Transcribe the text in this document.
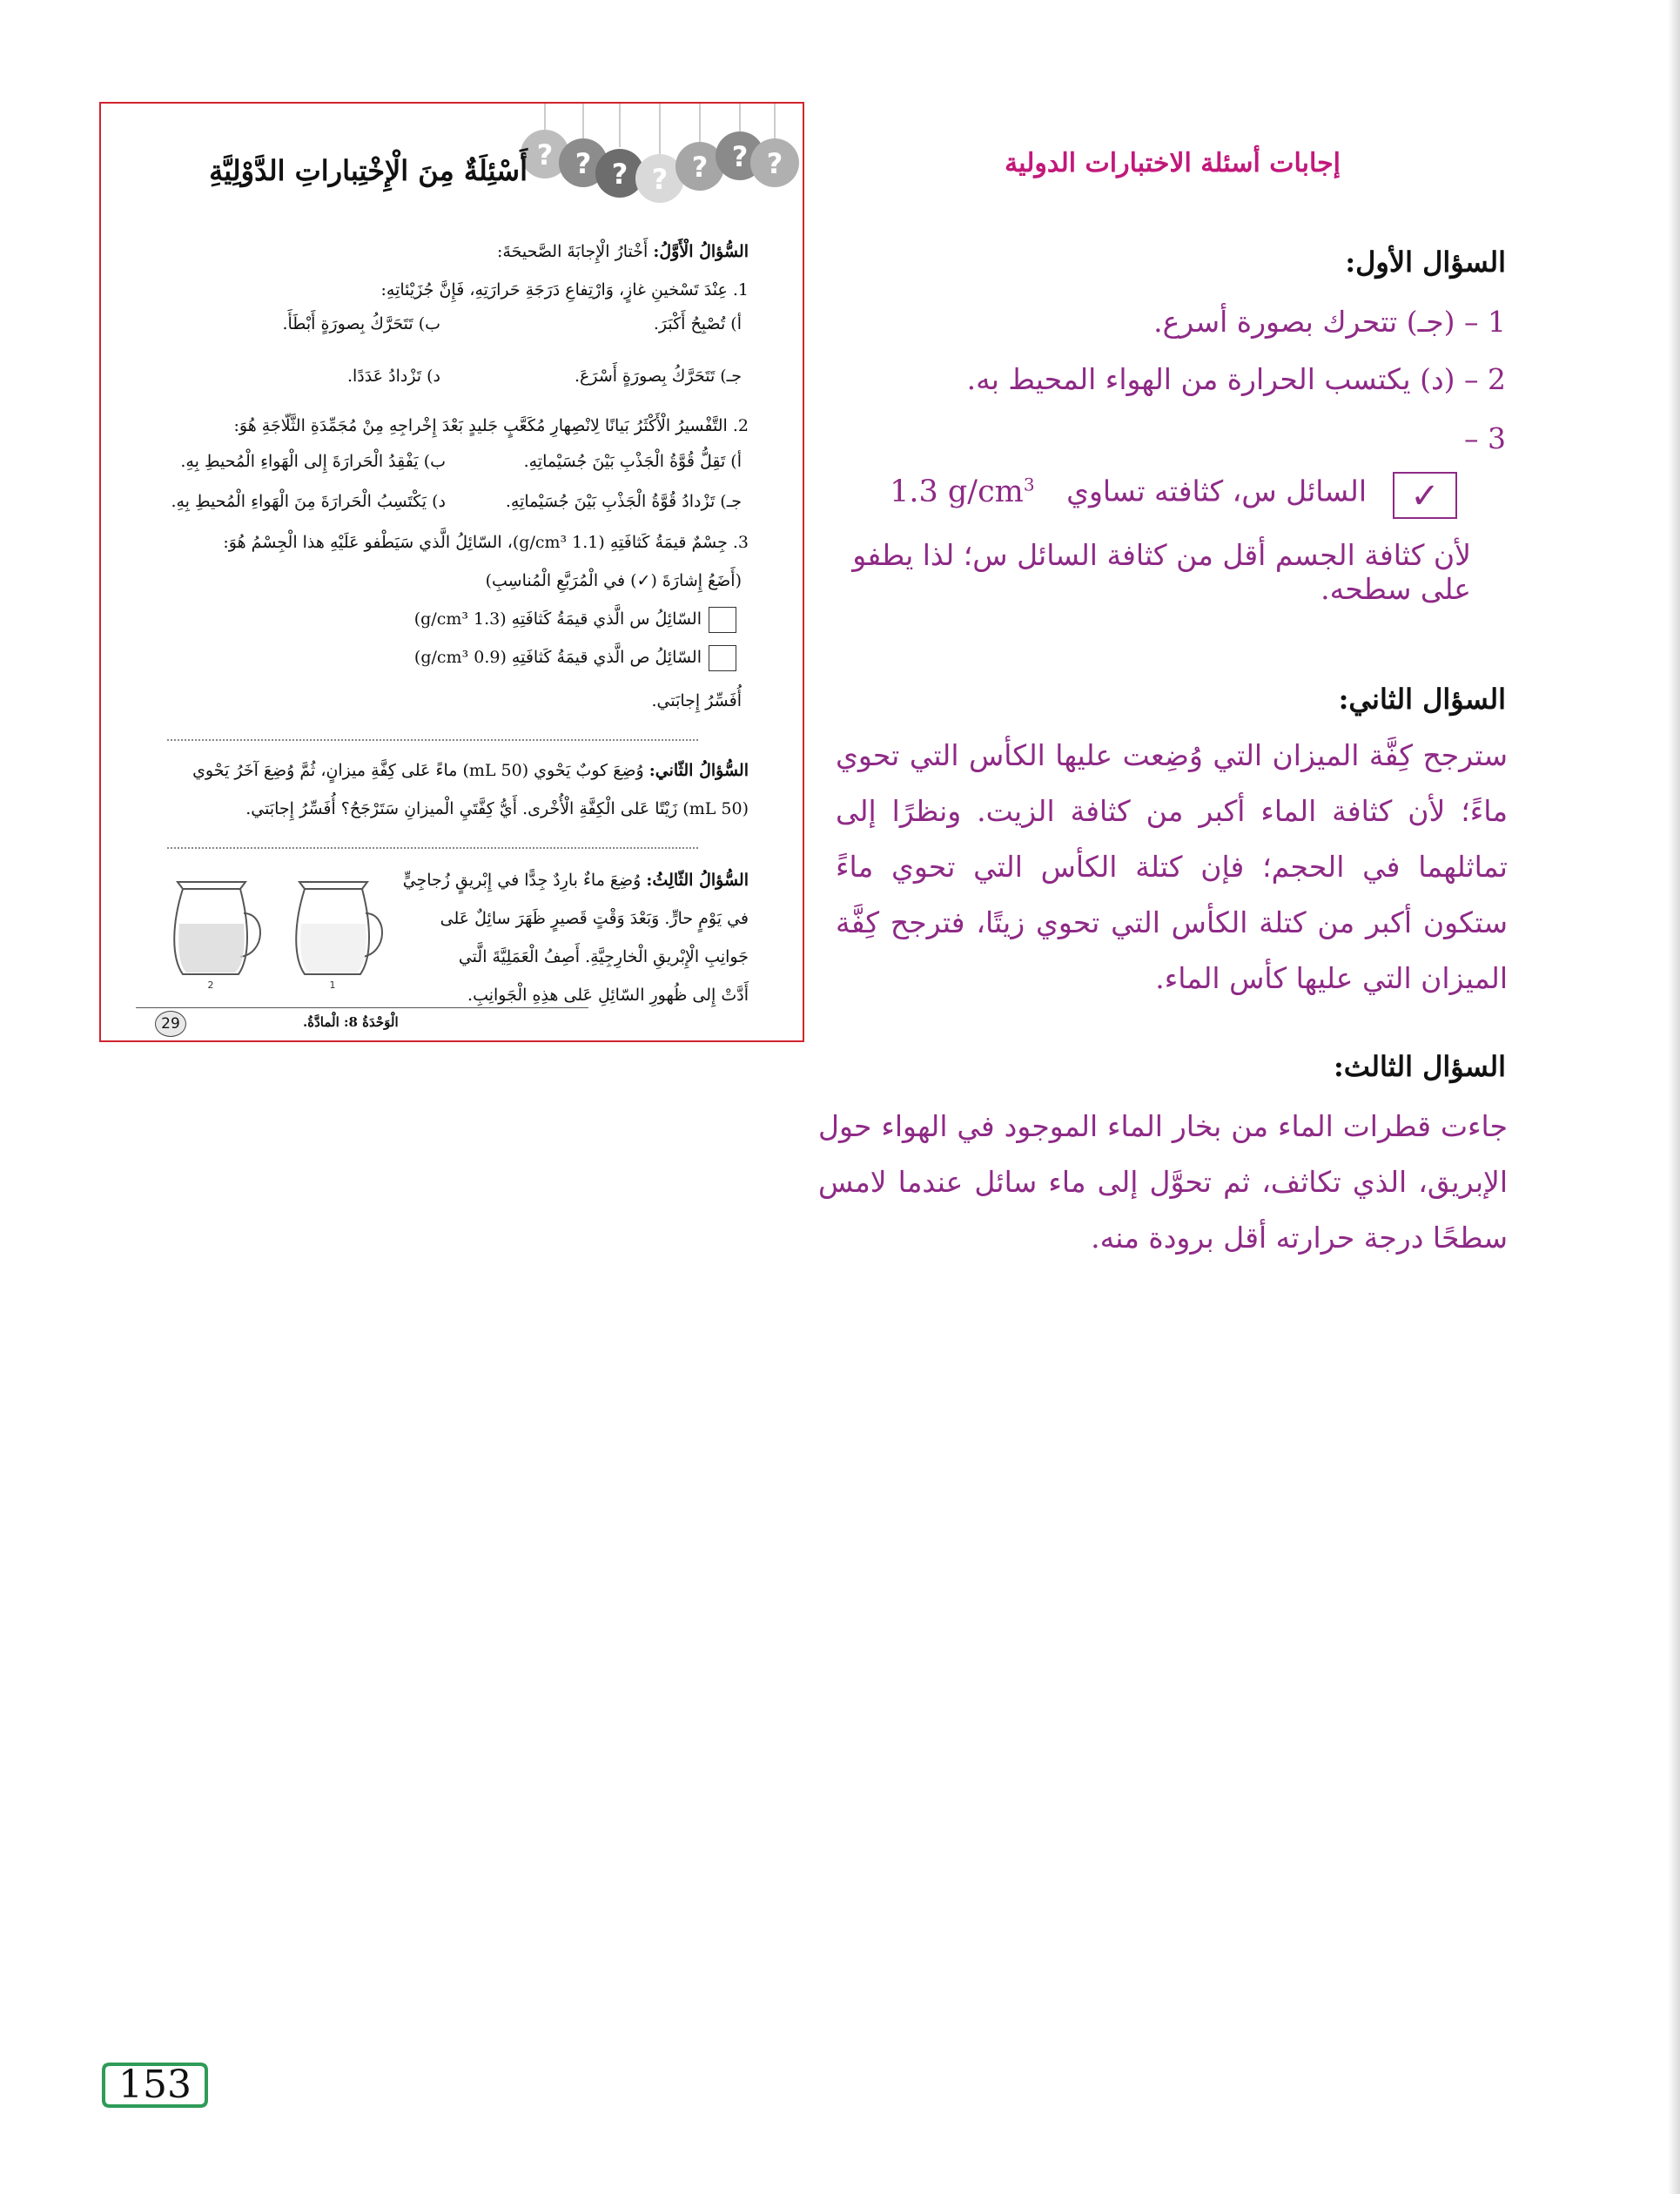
إجابات أسئلة الاختبارات الدولية
السؤال الأول:
1 – (جـ) تتحرك بصورة أسرع.
2 – (د) يكتسب الحرارة من الهواء المحيط به.
3 –
✓
السائل س، كثافته تساوي 1.3 $g/cm^3$
لأن كثافة الجسم أقل من كثافة السائل س؛ لذا يطفو على سطحه.
السؤال الثاني:
سترجح كِفَّة الميزان التي وُضِعت عليها الكأس التي تحوي ماءً؛ لأن كثافة الماء أكبر من كثافة الزيت. ونظرًا إلى تماثلهما في الحجم؛ فإن كتلة الكأس التي تحوي ماءً ستكون أكبر من كتلة الكأس التي تحوي زيتًا، فترجح كِفَّة الميزان التي عليها كأس الماء.
السؤال الثالث:
جاءت قطرات الماء من بخار الماء الموجود في الهواء حول الإبريق، الذي تكاثف، ثم تحوَّل إلى ماء سائل عندما لامس سطحًا درجة حرارته أقل برودة منه.
? ? ? ? ? ? ?
أَسْئِلَةٌ مِنَ الْإِخْتِباراتِ الدَّوْلِيَّةِ
السُّؤالُ الْأَوَّلُ: أَخْتارُ الْإِجابَةَ الصَّحيحَةَ:
1. عِنْدَ تَسْخينِ غازٍ، وَارْتِفاعِ دَرَجَةِ حَرارَتِهِ، فَإِنَّ جُزَيْئاتِهِ:
أ) تُصْبِحُ أَكْبَرَ.
ب) تَتَحَرَّكُ بِصورَةٍ أَبْطَأَ.
جـ) تَتَحَرَّكُ بِصورَةٍ أَسْرَعَ.
د) تَزْدادُ عَدَدًا.
2. التَّفْسيرُ الْأَكْثَرُ بَيانًا لِانْصِهارِ مُكَعَّبٍ جَليدٍ بَعْدَ إِخْراجِهِ مِنْ مُجَمِّدَةِ الثَّلّاجَةِ هُوَ:
أ) تَقِلُّ قُوَّةُ الْجَذْبِ بَيْنَ جُسَيْماتِهِ.
ب) يَفْقِدُ الْحَرارَةَ إِلى الْهَواءِ الْمُحيطِ بِهِ.
جـ) تَزْدادُ قُوَّةُ الْجَذْبِ بَيْنَ جُسَيْماتِهِ.
د) يَكْتَسِبُ الْحَرارَةَ مِنَ الْهَواءِ الْمُحيطِ بِهِ.
3. جِسْمٌ قيمَةُ كَثافَتِهِ (1.1 g/cm³)، السّائِلُ الَّذي سَيَطْفو عَلَيْهِ هذا الْجِسْمُ هُوَ:
(أَضَعُ إِشارَةَ (✓) في الْمُرَبَّعِ الْمُناسِبِ)
السّائِلُ س الَّذي قيمَةُ كَثافَتِهِ (1.3 g/cm³)
السّائِلُ ص الَّذي قيمَةُ كَثافَتِهِ (0.9 g/cm³)
أُفَسِّرُ إِجابَتي.
السُّؤالُ الثّاني: وُضِعَ كوبٌ يَحْوي (50 mL) ماءً عَلى كِفَّةِ ميزانٍ، ثُمَّ وُضِعَ آخَرُ يَحْوي
(50 mL) زَيْتًا عَلى الْكِفَّةِ الْأُخْرى. أَيُّ كِفَّتَيِ الْميزانِ سَتَرْجَحُ؟ أُفَسِّرُ إِجابَتي.
السُّؤالُ الثّالِثُ: وُضِعَ ماءٌ بارِدٌ جِدًّا في إِبْريقٍ زُجاجِيٍّ
في يَوْمٍ حارٍّ. وَبَعْدَ وَقْتٍ قَصيرٍ ظَهَرَ سائِلٌ عَلى
جَوانِبِ الْإِبْريقِ الْخارِجِيَّةِ. أَصِفُ الْعَمَلِيَّةَ الَّتي
أَدَّتْ إِلى ظُهورِ السّائِلِ عَلى هذِهِ الْجَوانِبِ.
2	1
29	الْوَحْدَةُ 8: الْمادَّةُ.
153
